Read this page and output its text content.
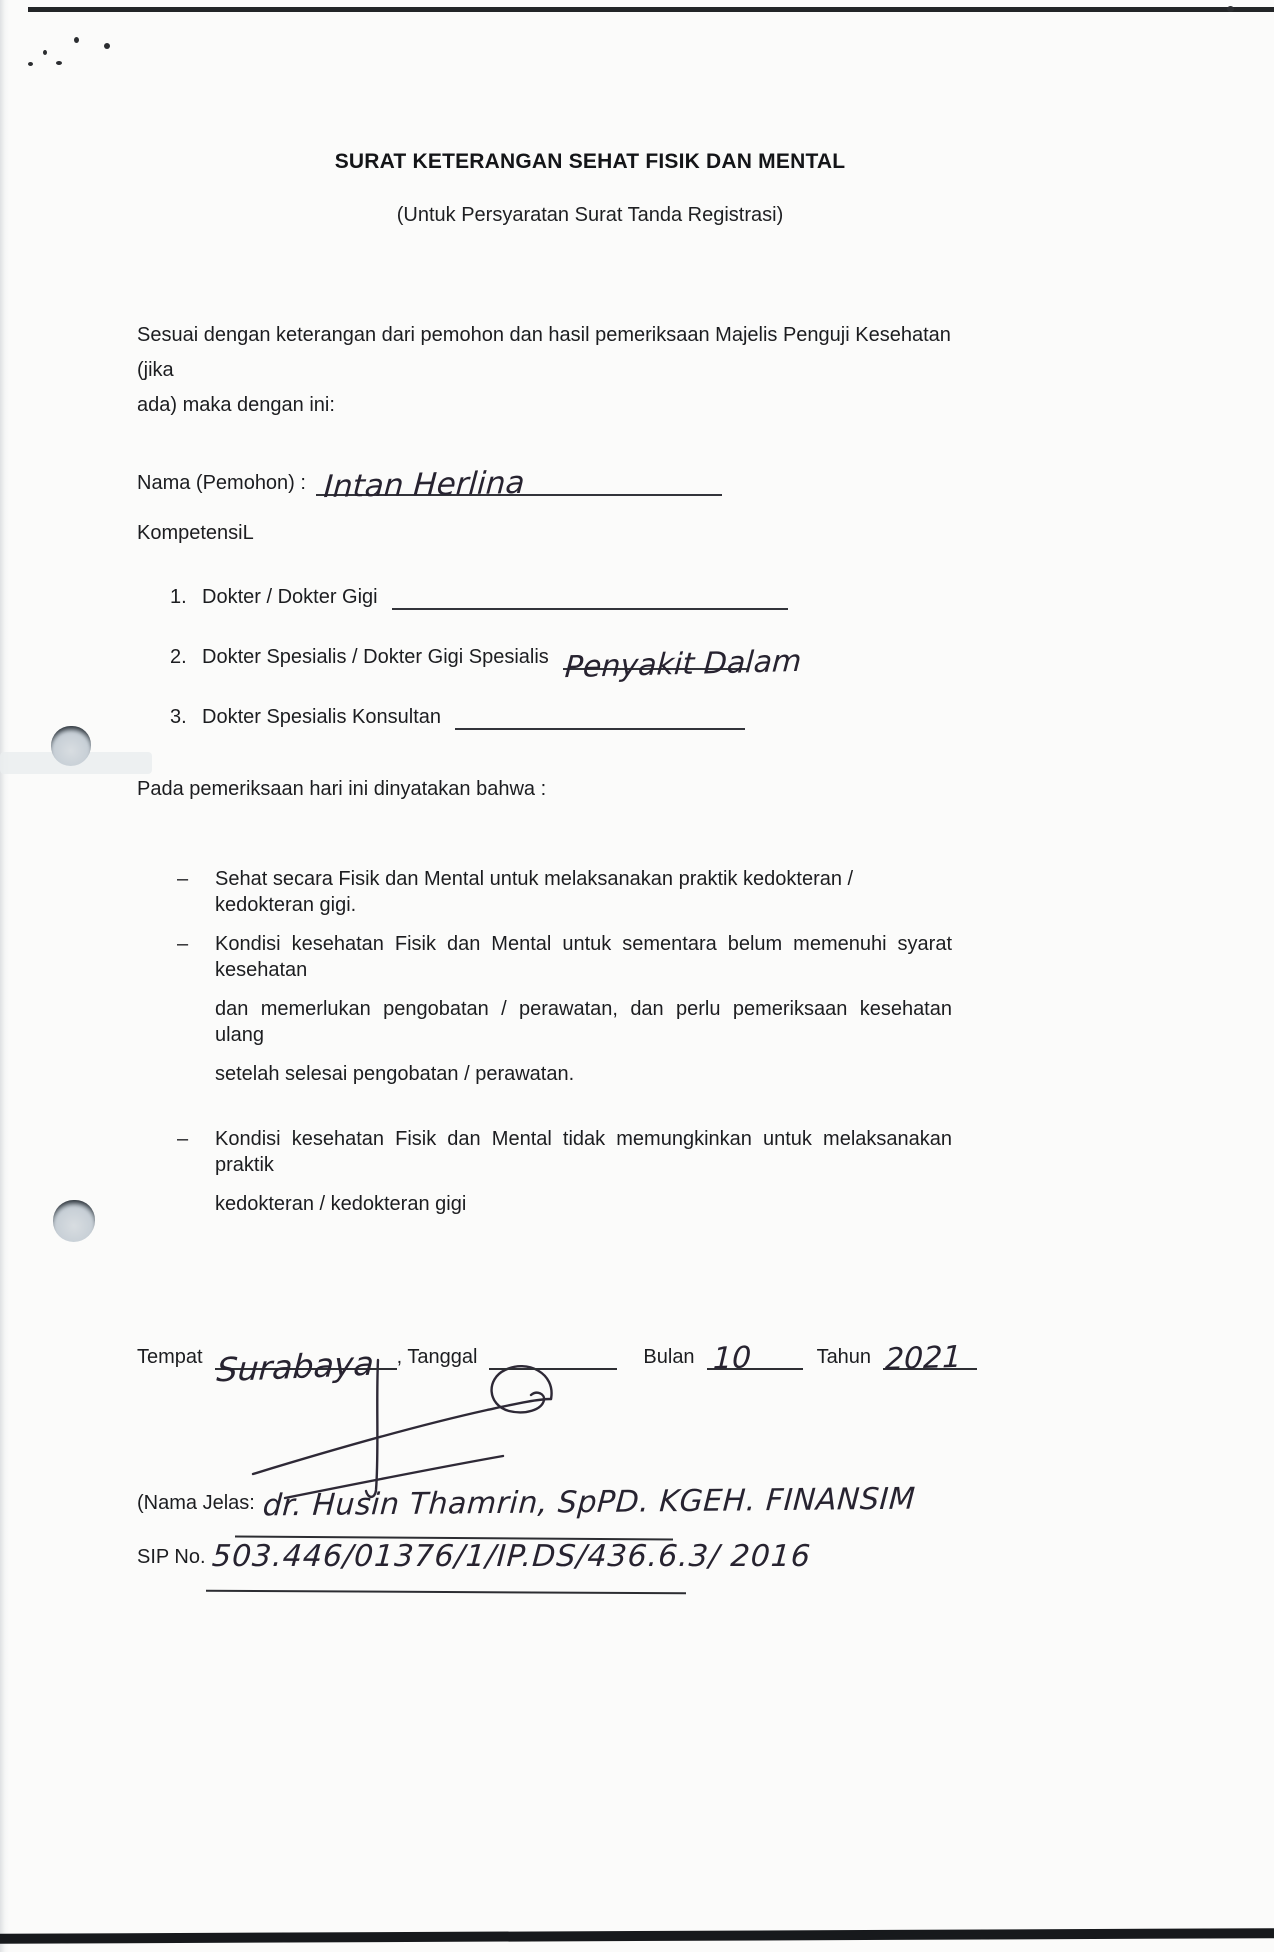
SURAT KETERANGAN SEHAT FISIK DAN MENTAL
(Untuk Persyaratan Surat Tanda Registrasi)
Sesuai dengan keterangan dari pemohon dan hasil pemeriksaan Majelis Penguji Kesehatan (jika
ada) maka dengan ini:
Nama (Pemohon) : Intan Herlina
KompetensiL
1. Dokter / Dokter Gigi
2. Dokter Spesialis / Dokter Gigi Spesialis Penyakit Dalam
3. Dokter Spesialis Konsultan
Pada pemeriksaan hari ini dinyatakan bahwa :
–	Sehat secara Fisik dan Mental untuk melaksanakan praktik kedokteran / kedokteran gigi.
–	Kondisi kesehatan Fisik dan Mental untuk sementara belum memenuhi syarat kesehatan
dan memerlukan pengobatan / perawatan, dan perlu pemeriksaan kesehatan ulang
setelah selesai pengobatan / perawatan.
–	Kondisi kesehatan Fisik dan Mental tidak memungkinkan untuk melaksanakan praktik
kedokteran / kedokteran gigi
Tempat Surabaya , Tanggal	Bulan 10	Tahun 2021
(Nama Jelas: dr. Husin Thamrin, SpPD. KGEH. FINANSIM
SIP No. 503.446/01376/1/IP.DS/436.6.3/ 2016
